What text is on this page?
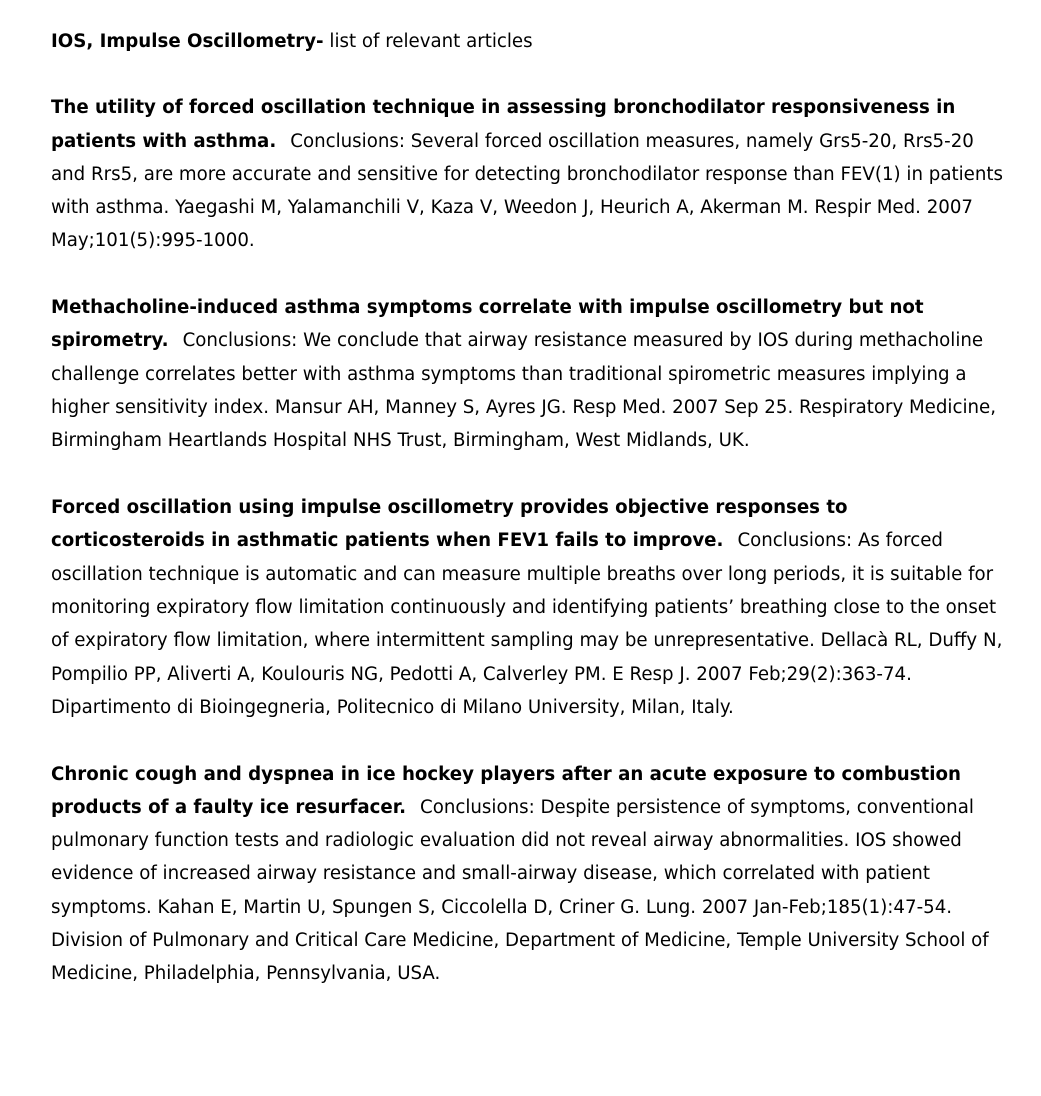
IOS, Impulse Oscillometry- list of relevant articles
The utility of forced oscillation technique in assessing bronchodilator responsiveness in patients with asthma. Conclusions: Several forced oscillation measures, namely Grs5-20, Rrs5-20 and Rrs5, are more accurate and sensitive for detecting bronchodilator response than FEV(1) in patients with asthma. Yaegashi M, Yalamanchili V, Kaza V, Weedon J, Heurich A, Akerman M. Respir Med. 2007 May;101(5):995-1000.
Methacholine-induced asthma symptoms correlate with impulse oscillometry but not spirometry. Conclusions: We conclude that airway resistance measured by IOS during methacholine challenge correlates better with asthma symptoms than traditional spirometric measures implying a higher sensitivity index. Mansur AH, Manney S, Ayres JG. Resp Med. 2007 Sep 25. Respiratory Medicine, Birmingham Heartlands Hospital NHS Trust, Birmingham, West Midlands, UK.
Forced oscillation using impulse oscillometry provides objective responses to corticosteroids in asthmatic patients when FEV1 fails to improve. Conclusions: As forced oscillation technique is automatic and can measure multiple breaths over long periods, it is suitable for monitoring expiratory flow limitation continuously and identifying patients’ breathing close to the onset of expiratory flow limitation, where intermittent sampling may be unrepresentative. Dellacà RL, Duffy N, Pompilio PP, Aliverti A, Koulouris NG, Pedotti A, Calverley PM. E Resp J. 2007 Feb;29(2):363-74. Dipartimento di Bioingegneria, Politecnico di Milano University, Milan, Italy.
Chronic cough and dyspnea in ice hockey players after an acute exposure to combustion products of a faulty ice resurfacer. Conclusions: Despite persistence of symptoms, conventional pulmonary function tests and radiologic evaluation did not reveal airway abnormalities. IOS showed evidence of increased airway resistance and small-airway disease, which correlated with patient symptoms. Kahan E, Martin U, Spungen S, Ciccolella D, Criner G. Lung. 2007 Jan-Feb;185(1):47-54. Division of Pulmonary and Critical Care Medicine, Department of Medicine, Temple University School of Medicine, Philadelphia, Pennsylvania, USA.
